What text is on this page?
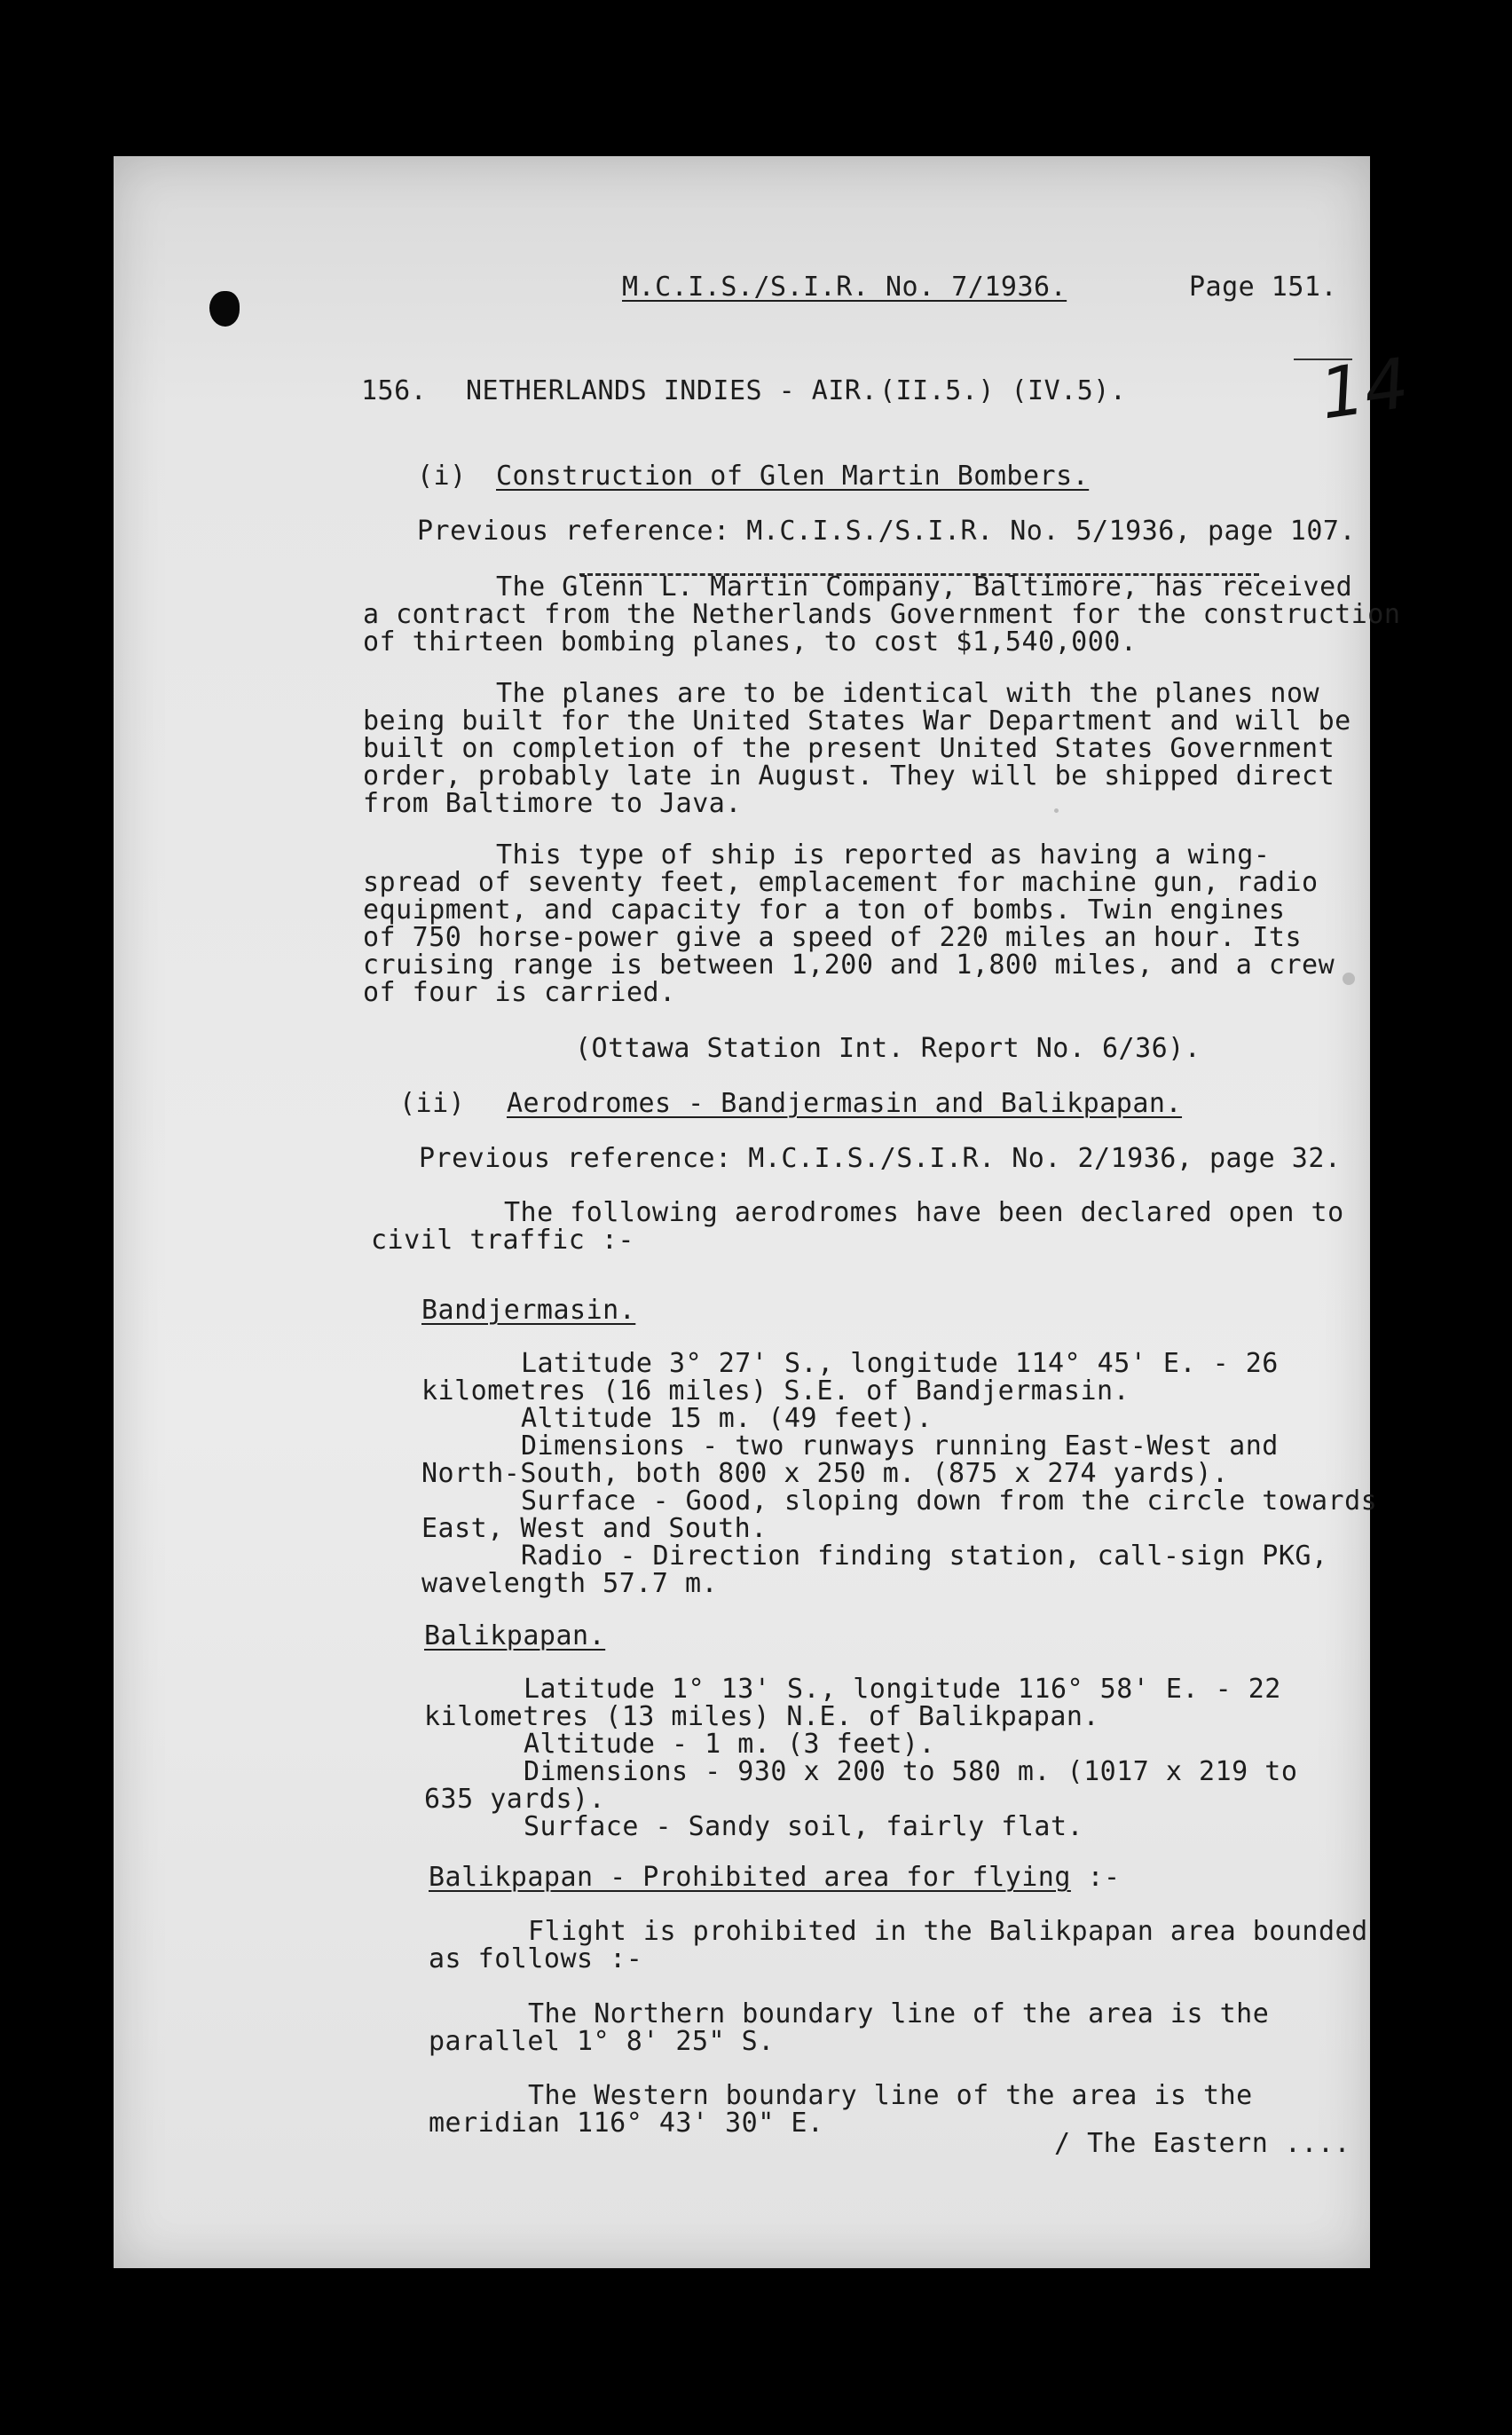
14
M.C.I.S./S.I.R. No. 7/1936.	Page 151.
156. NETHERLANDS INDIES - AIR. (II.5.) (IV.5).
(i) Construction of Glen Martin Bombers.
Previous reference: M.C.I.S./S.I.R. No. 5/1936, page 107.
The Glenn L. Martin Company, Baltimore, has received
a contract from the Netherlands Government for the construction
of thirteen bombing planes, to cost $1,540,000.
The planes are to be identical with the planes now
being built for the United States War Department and will be
built on completion of the present United States Government
order, probably late in August. They will be shipped direct
from Baltimore to Java.
This type of ship is reported as having a wing-
spread of seventy feet, emplacement for machine gun, radio
equipment, and capacity for a ton of bombs. Twin engines
of 750 horse-power give a speed of 220 miles an hour. Its
cruising range is between 1,200 and 1,800 miles, and a crew
of four is carried.
(Ottawa Station Int. Report No. 6/36).
(ii) Aerodromes - Bandjermasin and Balikpapan.
Previous reference: M.C.I.S./S.I.R. No. 2/1936, page 32.
The following aerodromes have been declared open to
civil traffic :-
Bandjermasin.
Latitude 3° 27' S., longitude 114° 45' E. - 26
kilometres (16 miles) S.E. of Bandjermasin.
Altitude 15 m. (49 feet).
Dimensions - two runways running East-West and
North-South, both 800 x 250 m. (875 x 274 yards).
Surface - Good, sloping down from the circle towards
East, West and South.
Radio - Direction finding station, call-sign PKG,
wavelength 57.7 m.
Balikpapan.
Latitude 1° 13' S., longitude 116° 58' E. - 22
kilometres (13 miles) N.E. of Balikpapan.
Altitude - 1 m. (3 feet).
Dimensions - 930 x 200 to 580 m. (1017 x 219 to
635 yards).
Surface - Sandy soil, fairly flat.
Balikpapan - Prohibited area for flying :-
Flight is prohibited in the Balikpapan area bounded
as follows :-
The Northern boundary line of the area is the
parallel 1° 8' 25" S.
The Western boundary line of the area is the
meridian 116° 43' 30" E.
/ The Eastern ....
